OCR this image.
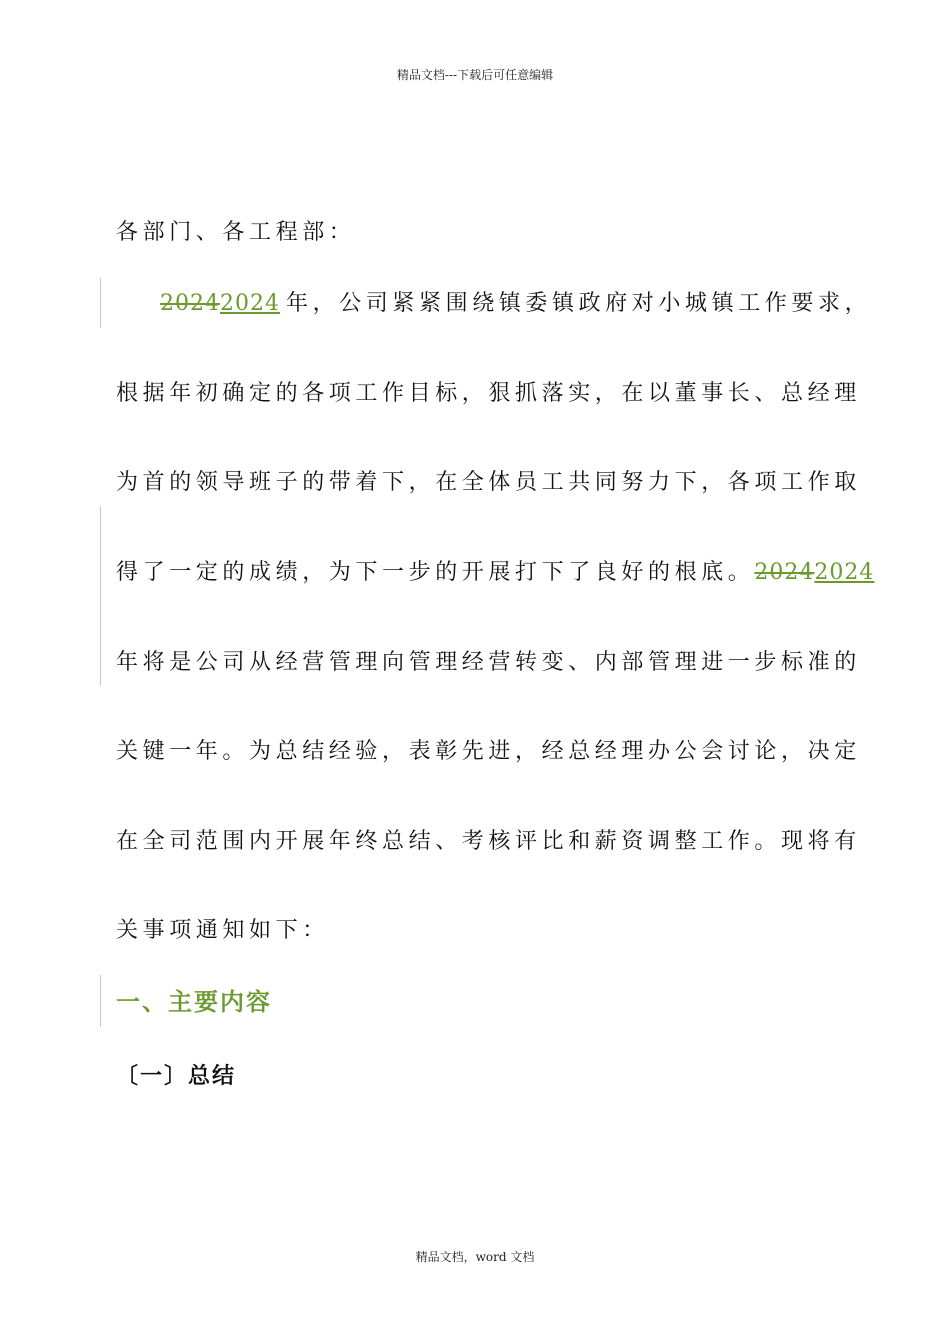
精品文档---下载后可任意编辑
各部门、各工程部：
20242024 年，公司紧紧围绕镇委镇政府对小城镇工作要求，
根据年初确定的各项工作目标，狠抓落实，在以董事长、总经理
为首的领导班子的带着下，在全体员工共同努力下，各项工作取
得了一定的成绩，为下一步的开展打下了良好的根底。20242024
年将是公司从经营管理向管理经营转变、内部管理进一步标准的
关键一年。为总结经验，表彰先进，经总经理办公会讨论，决定
在全司范围内开展年终总结、考核评比和薪资调整工作。现将有
关事项通知如下：
一、主要内容
〔一〕总结
精品文档，word 文档
